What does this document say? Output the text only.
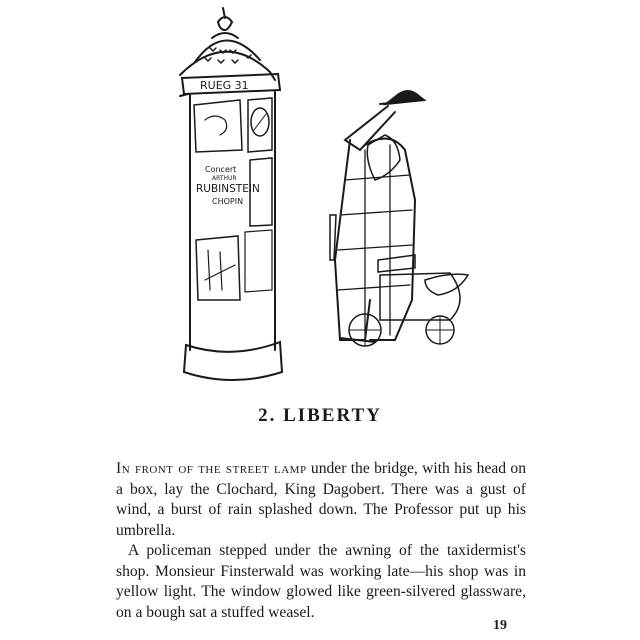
RUEG 31
Concert
ARTHUR
RUBINSTEIN
CHOPIN
2. LIBERTY

In front of the street lamp under the bridge, with his head on a box, lay the Clochard, King Dagobert. There was a gust of wind, a burst of rain splashed down. The Professor put up his umbrella.

A policeman stepped under the awning of the taxidermist's shop. Monsieur Finsterwald was working late—his shop was in yellow light. The window glowed like green-silvered glassware, on a bough sat a stuffed weasel.

19
